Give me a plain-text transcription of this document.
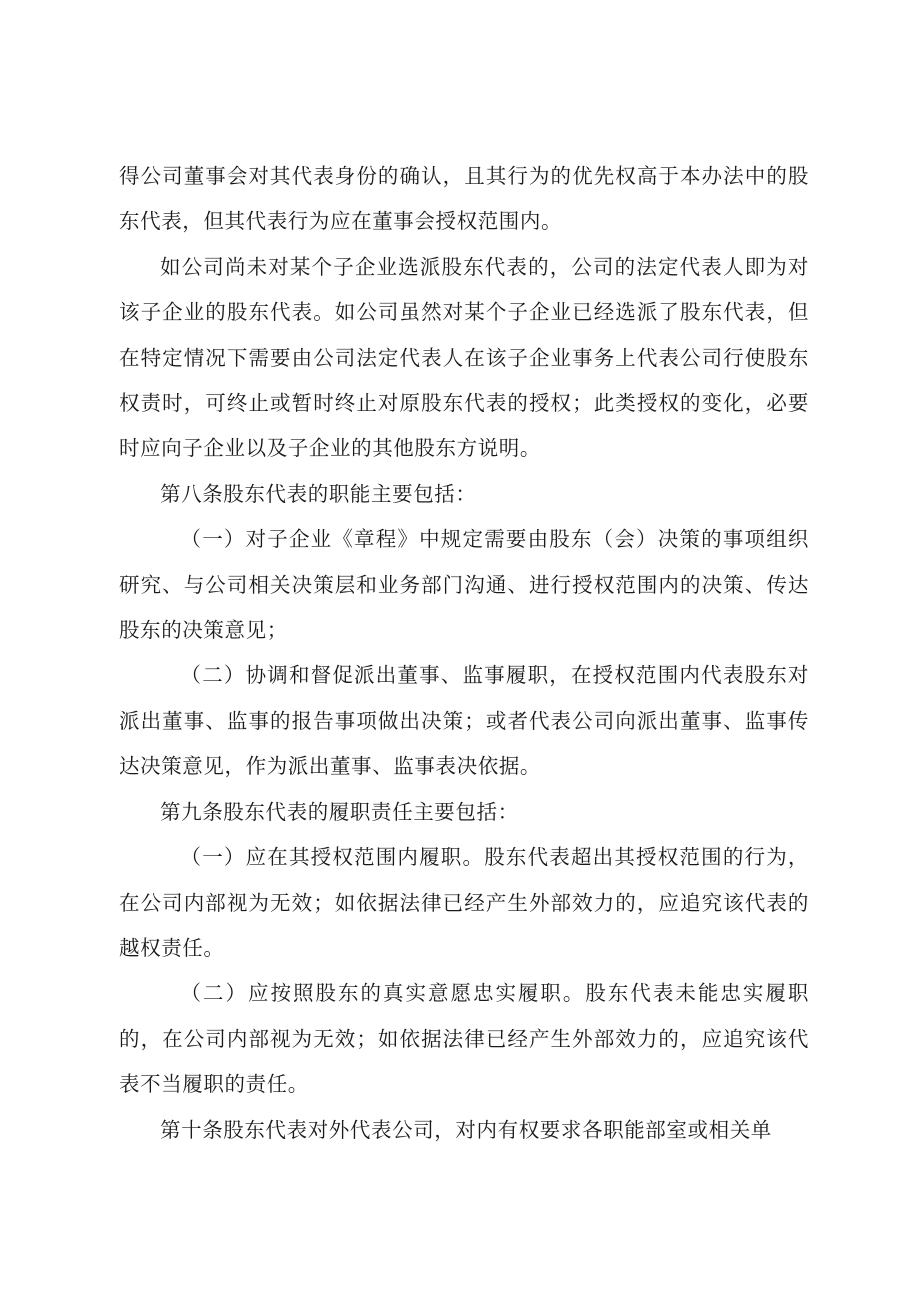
得公司董事会对其代表身份的确认，且其行为的优先权高于本办法中的股东代表，但其代表行为应在董事会授权范围内。

如公司尚未对某个子企业选派股东代表的，公司的法定代表人即为对该子企业的股东代表。如公司虽然对某个子企业已经选派了股东代表，但在特定情况下需要由公司法定代表人在该子企业事务上代表公司行使股东权责时，可终止或暂时终止对原股东代表的授权；此类授权的变化，必要时应向子企业以及子企业的其他股东方说明。

第八条股东代表的职能主要包括：

（一）对子企业《章程》中规定需要由股东（会）决策的事项组织研究、与公司相关决策层和业务部门沟通、进行授权范围内的决策、传达股东的决策意见；

（二）协调和督促派出董事、监事履职，在授权范围内代表股东对派出董事、监事的报告事项做出决策；或者代表公司向派出董事、监事传达决策意见，作为派出董事、监事表决依据。

第九条股东代表的履职责任主要包括：

（一）应在其授权范围内履职。股东代表超出其授权范围的行为，在公司内部视为无效；如依据法律已经产生外部效力的，应追究该代表的越权责任。

（二）应按照股东的真实意愿忠实履职。股东代表未能忠实履职的，在公司内部视为无效；如依据法律已经产生外部效力的，应追究该代表不当履职的责任。

第十条股东代表对外代表公司，对内有权要求各职能部室或相关单
